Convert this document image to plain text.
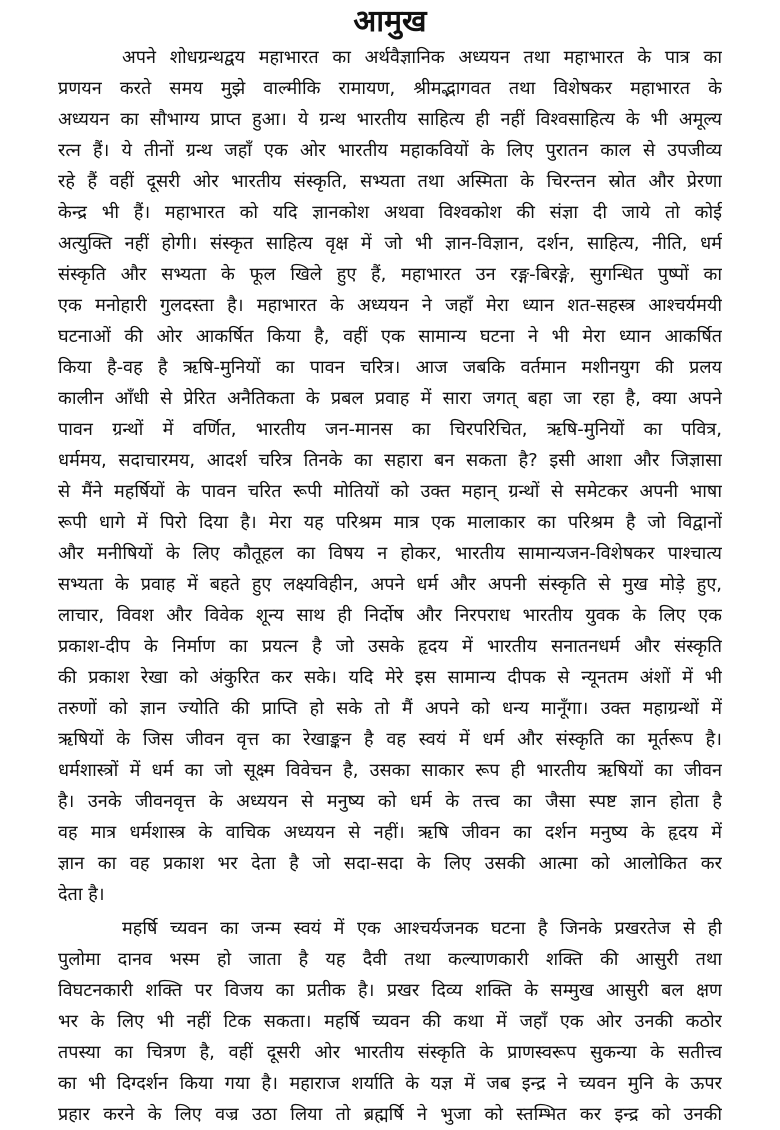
आमुख
अपने शोधग्रन्थद्वय महाभारत का अर्थवैज्ञानिक अध्ययन तथा महाभारत के पात्र का
प्रणयन करते समय मुझे वाल्मीकि रामायण, श्रीमद्भागवत तथा विशेषकर महाभारत के
अध्ययन का सौभाग्य प्राप्त हुआ। ये ग्रन्थ भारतीय साहित्य ही नहीं विश्वसाहित्य के भी अमूल्य
रत्न हैं। ये तीनों ग्रन्थ जहाँ एक ओर भारतीय महाकवियों के लिए पुरातन काल से उपजीव्य
रहे हैं वहीं दूसरी ओर भारतीय संस्कृति, सभ्यता तथा अस्मिता के चिरन्तन स्रोत और प्रेरणा
केन्द्र भी हैं। महाभारत को यदि ज्ञानकोश अथवा विश्वकोश की संज्ञा दी जाये तो कोई
अत्युक्ति नहीं होगी। संस्कृत साहित्य वृक्ष में जो भी ज्ञान-विज्ञान, दर्शन, साहित्य, नीति, धर्म
संस्कृति और सभ्यता के फूल खिले हुए हैं, महाभारत उन रङ्ग-बिरङ्गे, सुगन्धित पुष्पों का
एक मनोहारी गुलदस्ता है। महाभारत के अध्ययन ने जहाँ मेरा ध्यान शत-सहस्त्र आश्चर्यमयी
घटनाओं की ओर आकर्षित किया है, वहीं एक सामान्य घटना ने भी मेरा ध्यान आकर्षित
किया है-वह है ऋषि-मुनियों का पावन चरित्र। आज जबकि वर्तमान मशीनयुग की प्रलय
कालीन आँधी से प्रेरित अनैतिकता के प्रबल प्रवाह में सारा जगत् बहा जा रहा है, क्या अपने
पावन ग्रन्थों में वर्णित, भारतीय जन-मानस का चिरपरिचित, ऋषि-मुनियों का पवित्र,
धर्ममय, सदाचारमय, आदर्श चरित्र तिनके का सहारा बन सकता है? इसी आशा और जिज्ञासा
से मैंने महर्षियों के पावन चरित रूपी मोतियों को उक्त महान् ग्रन्थों से समेटकर अपनी भाषा
रूपी धागे में पिरो दिया है। मेरा यह परिश्रम मात्र एक मालाकार का परिश्रम है जो विद्वानों
और मनीषियों के लिए कौतूहल का विषय न होकर, भारतीय सामान्यजन-विशेषकर पाश्चात्य
सभ्यता के प्रवाह में बहते हुए लक्ष्यविहीन, अपने धर्म और अपनी संस्कृति से मुख मोड़े हुए,
लाचार, विवश और विवेक शून्य साथ ही निर्दोष और निरपराध भारतीय युवक के लिए एक
प्रकाश-दीप के निर्माण का प्रयत्न है जो उसके हृदय में भारतीय सनातनधर्म और संस्कृति
की प्रकाश रेखा को अंकुरित कर सके। यदि मेरे इस सामान्य दीपक से न्यूनतम अंशों में भी
तरुणों को ज्ञान ज्योति की प्राप्ति हो सके तो मैं अपने को धन्य मानूँगा। उक्त महाग्रन्थों में
ऋषियों के जिस जीवन वृत्त का रेखाङ्कन है वह स्वयं में धर्म और संस्कृति का मूर्तरूप है।
धर्मशास्त्रों में धर्म का जो सूक्ष्म विवेचन है, उसका साकार रूप ही भारतीय ऋषियों का जीवन
है। उनके जीवनवृत्त के अध्ययन से मनुष्य को धर्म के तत्त्व का जैसा स्पष्ट ज्ञान होता है
वह मात्र धर्मशास्त्र के वाचिक अध्ययन से नहीं। ऋषि जीवन का दर्शन मनुष्य के हृदय में
ज्ञान का वह प्रकाश भर देता है जो सदा-सदा के लिए उसकी आत्मा को आलोकित कर
देता है।
महर्षि च्यवन का जन्म स्वयं में एक आश्चर्यजनक घटना है जिनके प्रखरतेज से ही
पुलोमा दानव भस्म हो जाता है यह दैवी तथा कल्याणकारी शक्ति की आसुरी तथा
विघटनकारी शक्ति पर विजय का प्रतीक है। प्रखर दिव्य शक्ति के सम्मुख आसुरी बल क्षण
भर के लिए भी नहीं टिक सकता। महर्षि च्यवन की कथा में जहाँ एक ओर उनकी कठोर
तपस्या का चित्रण है, वहीं दूसरी ओर भारतीय संस्कृति के प्राणस्वरूप सुकन्या के सतीत्त्व
का भी दिग्दर्शन किया गया है। महाराज शर्याति के यज्ञ में जब इन्द्र ने च्यवन मुनि के ऊपर
प्रहार करने के लिए वज्र उठा लिया तो ब्रह्मर्षि ने भुजा को स्तम्भित कर इन्द्र को उनकी
